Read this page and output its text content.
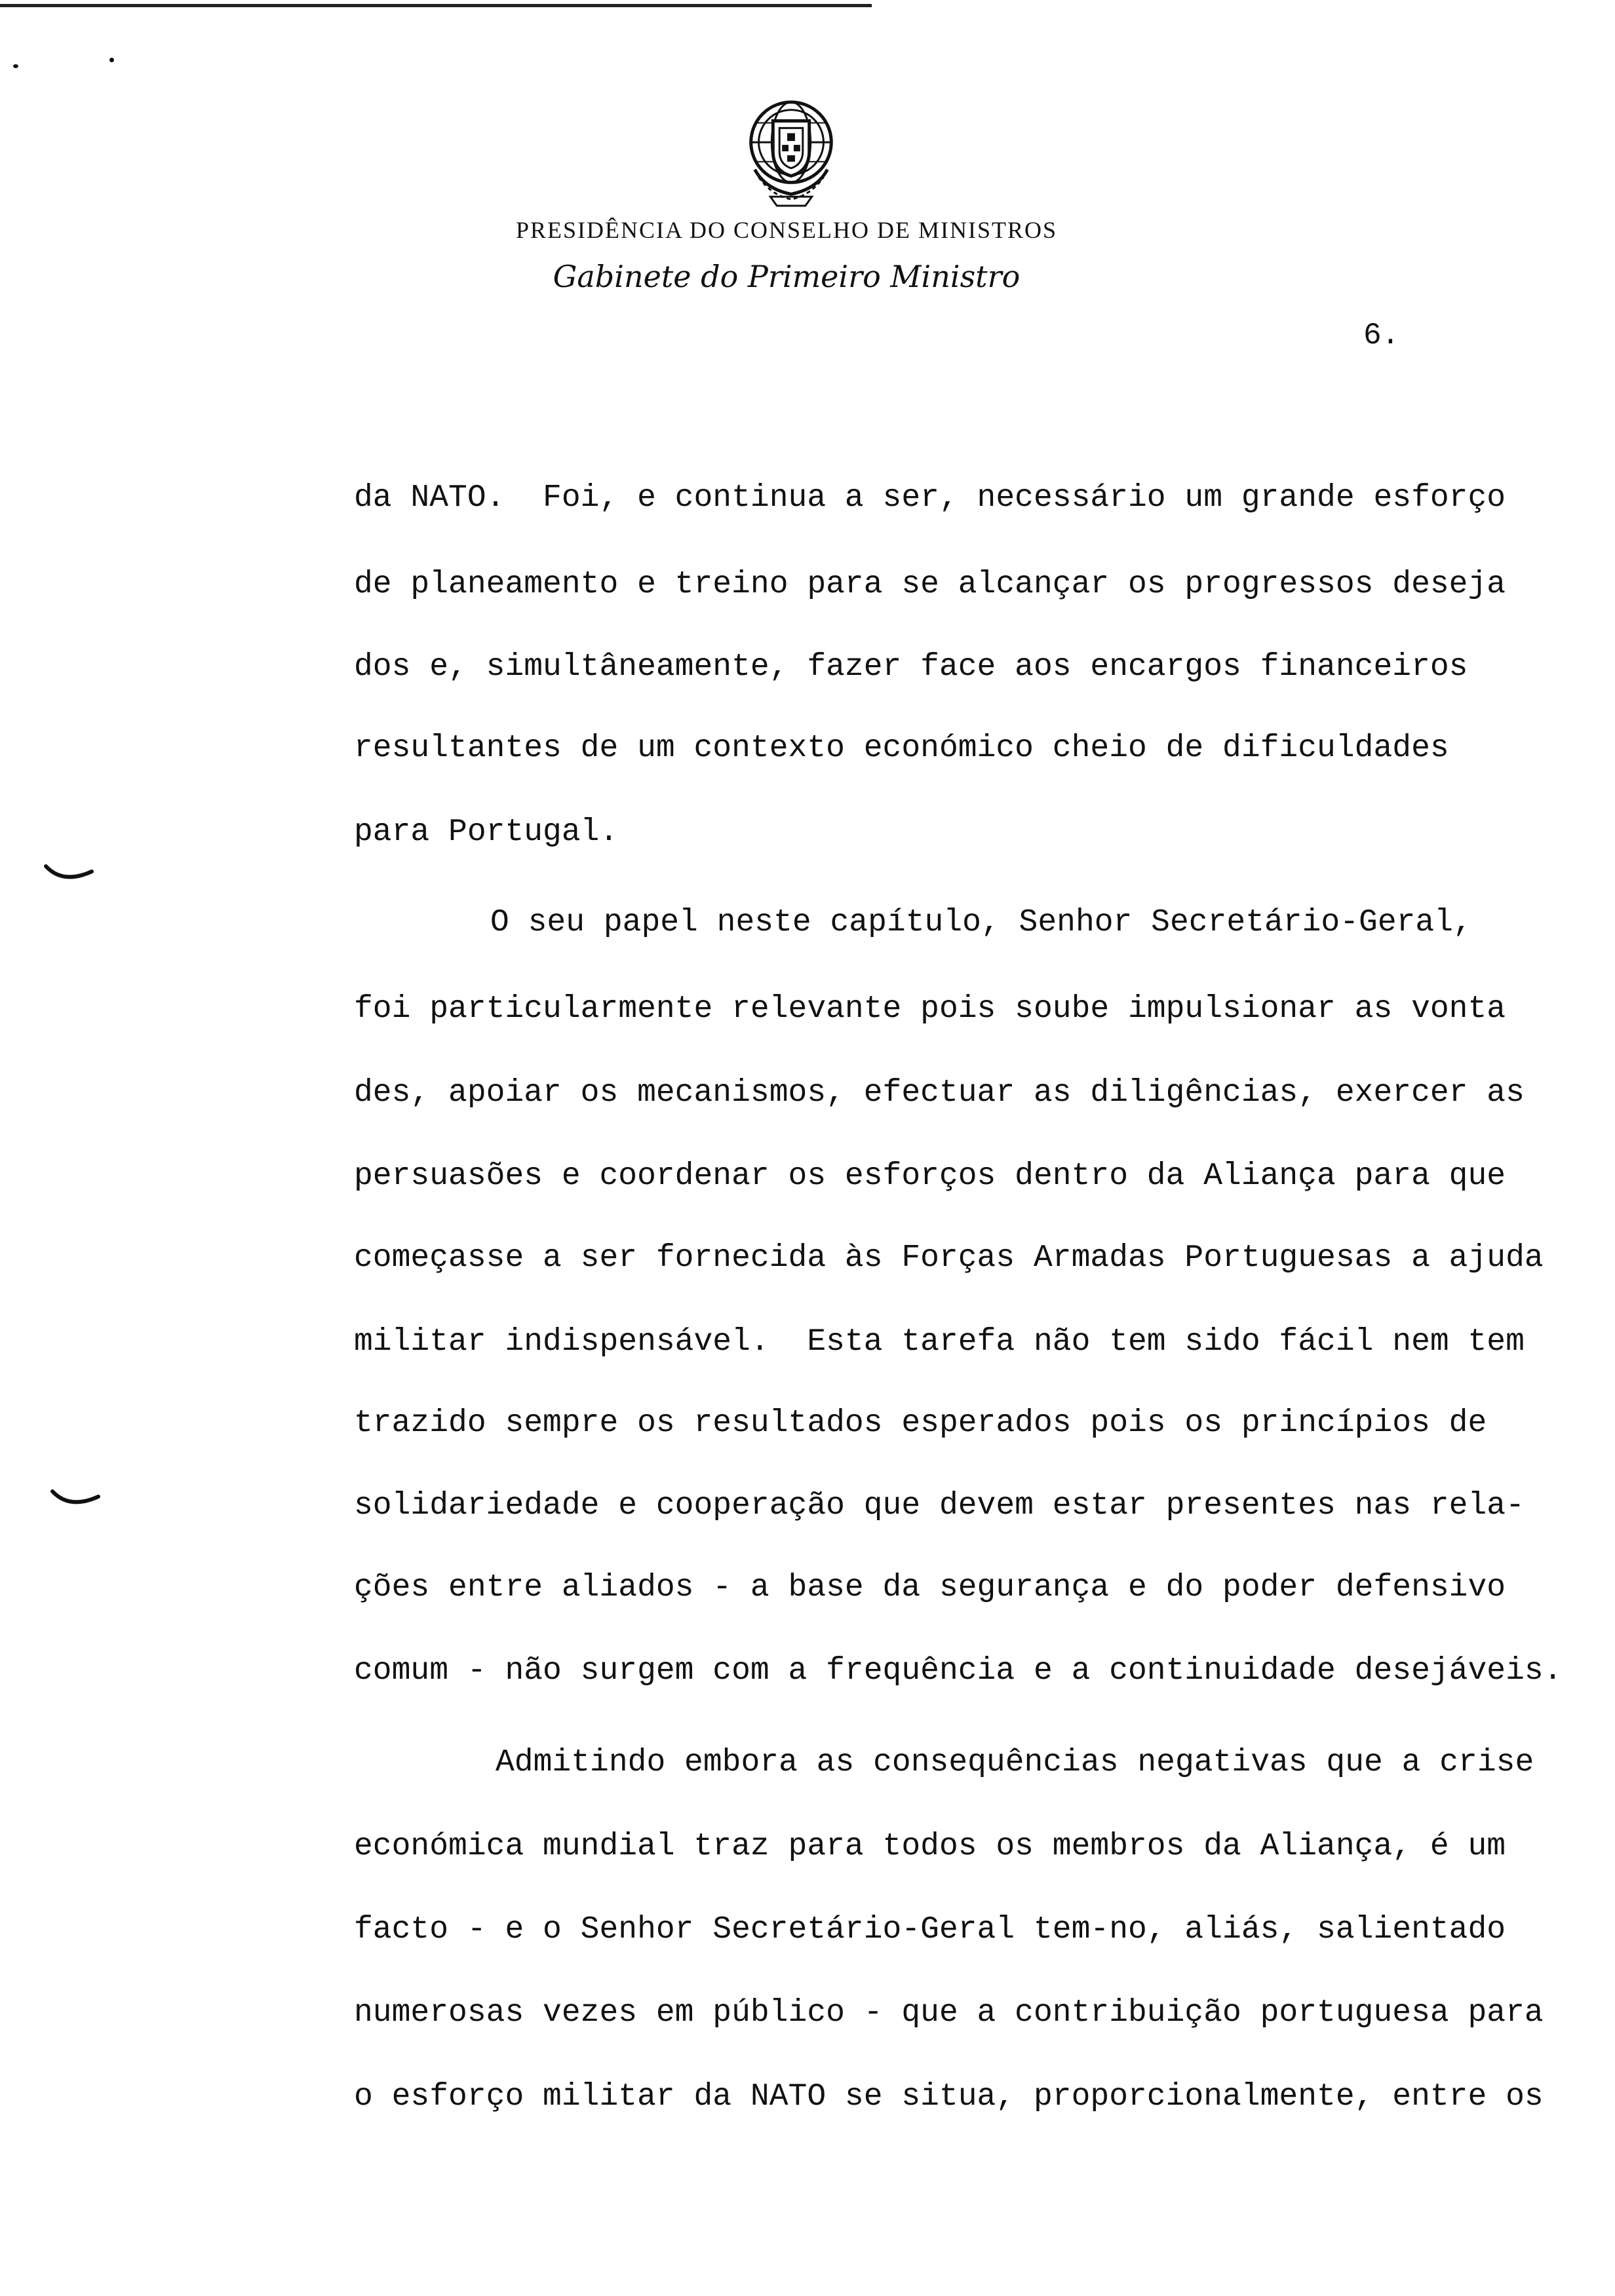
PRESIDÊNCIA DO CONSELHO DE MINISTROS
Gabinete do Primeiro Ministro
6.
da NATO.  Foi, e continua a ser, necessário um grande esforço
de planeamento e treino para se alcançar os progressos deseja
dos e, simultâneamente, fazer face aos encargos financeiros
resultantes de um contexto económico cheio de dificuldades
para Portugal.
O seu papel neste capítulo, Senhor Secretário-Geral,
foi particularmente relevante pois soube impulsionar as vonta
des, apoiar os mecanismos, efectuar as diligências, exercer as
persuasões e coordenar os esforços dentro da Aliança para que
começasse a ser fornecida às Forças Armadas Portuguesas a ajuda
militar indispensável.  Esta tarefa não tem sido fácil nem tem
trazido sempre os resultados esperados pois os princípios de
solidariedade e cooperação que devem estar presentes nas rela-
ções entre aliados - a base da segurança e do poder defensivo
comum - não surgem com a frequência e a continuidade desejáveis.
Admitindo embora as consequências negativas que a crise
económica mundial traz para todos os membros da Aliança, é um
facto - e o Senhor Secretário-Geral tem-no, aliás, salientado
numerosas vezes em público - que a contribuição portuguesa para
o esforço militar da NATO se situa, proporcionalmente, entre os
